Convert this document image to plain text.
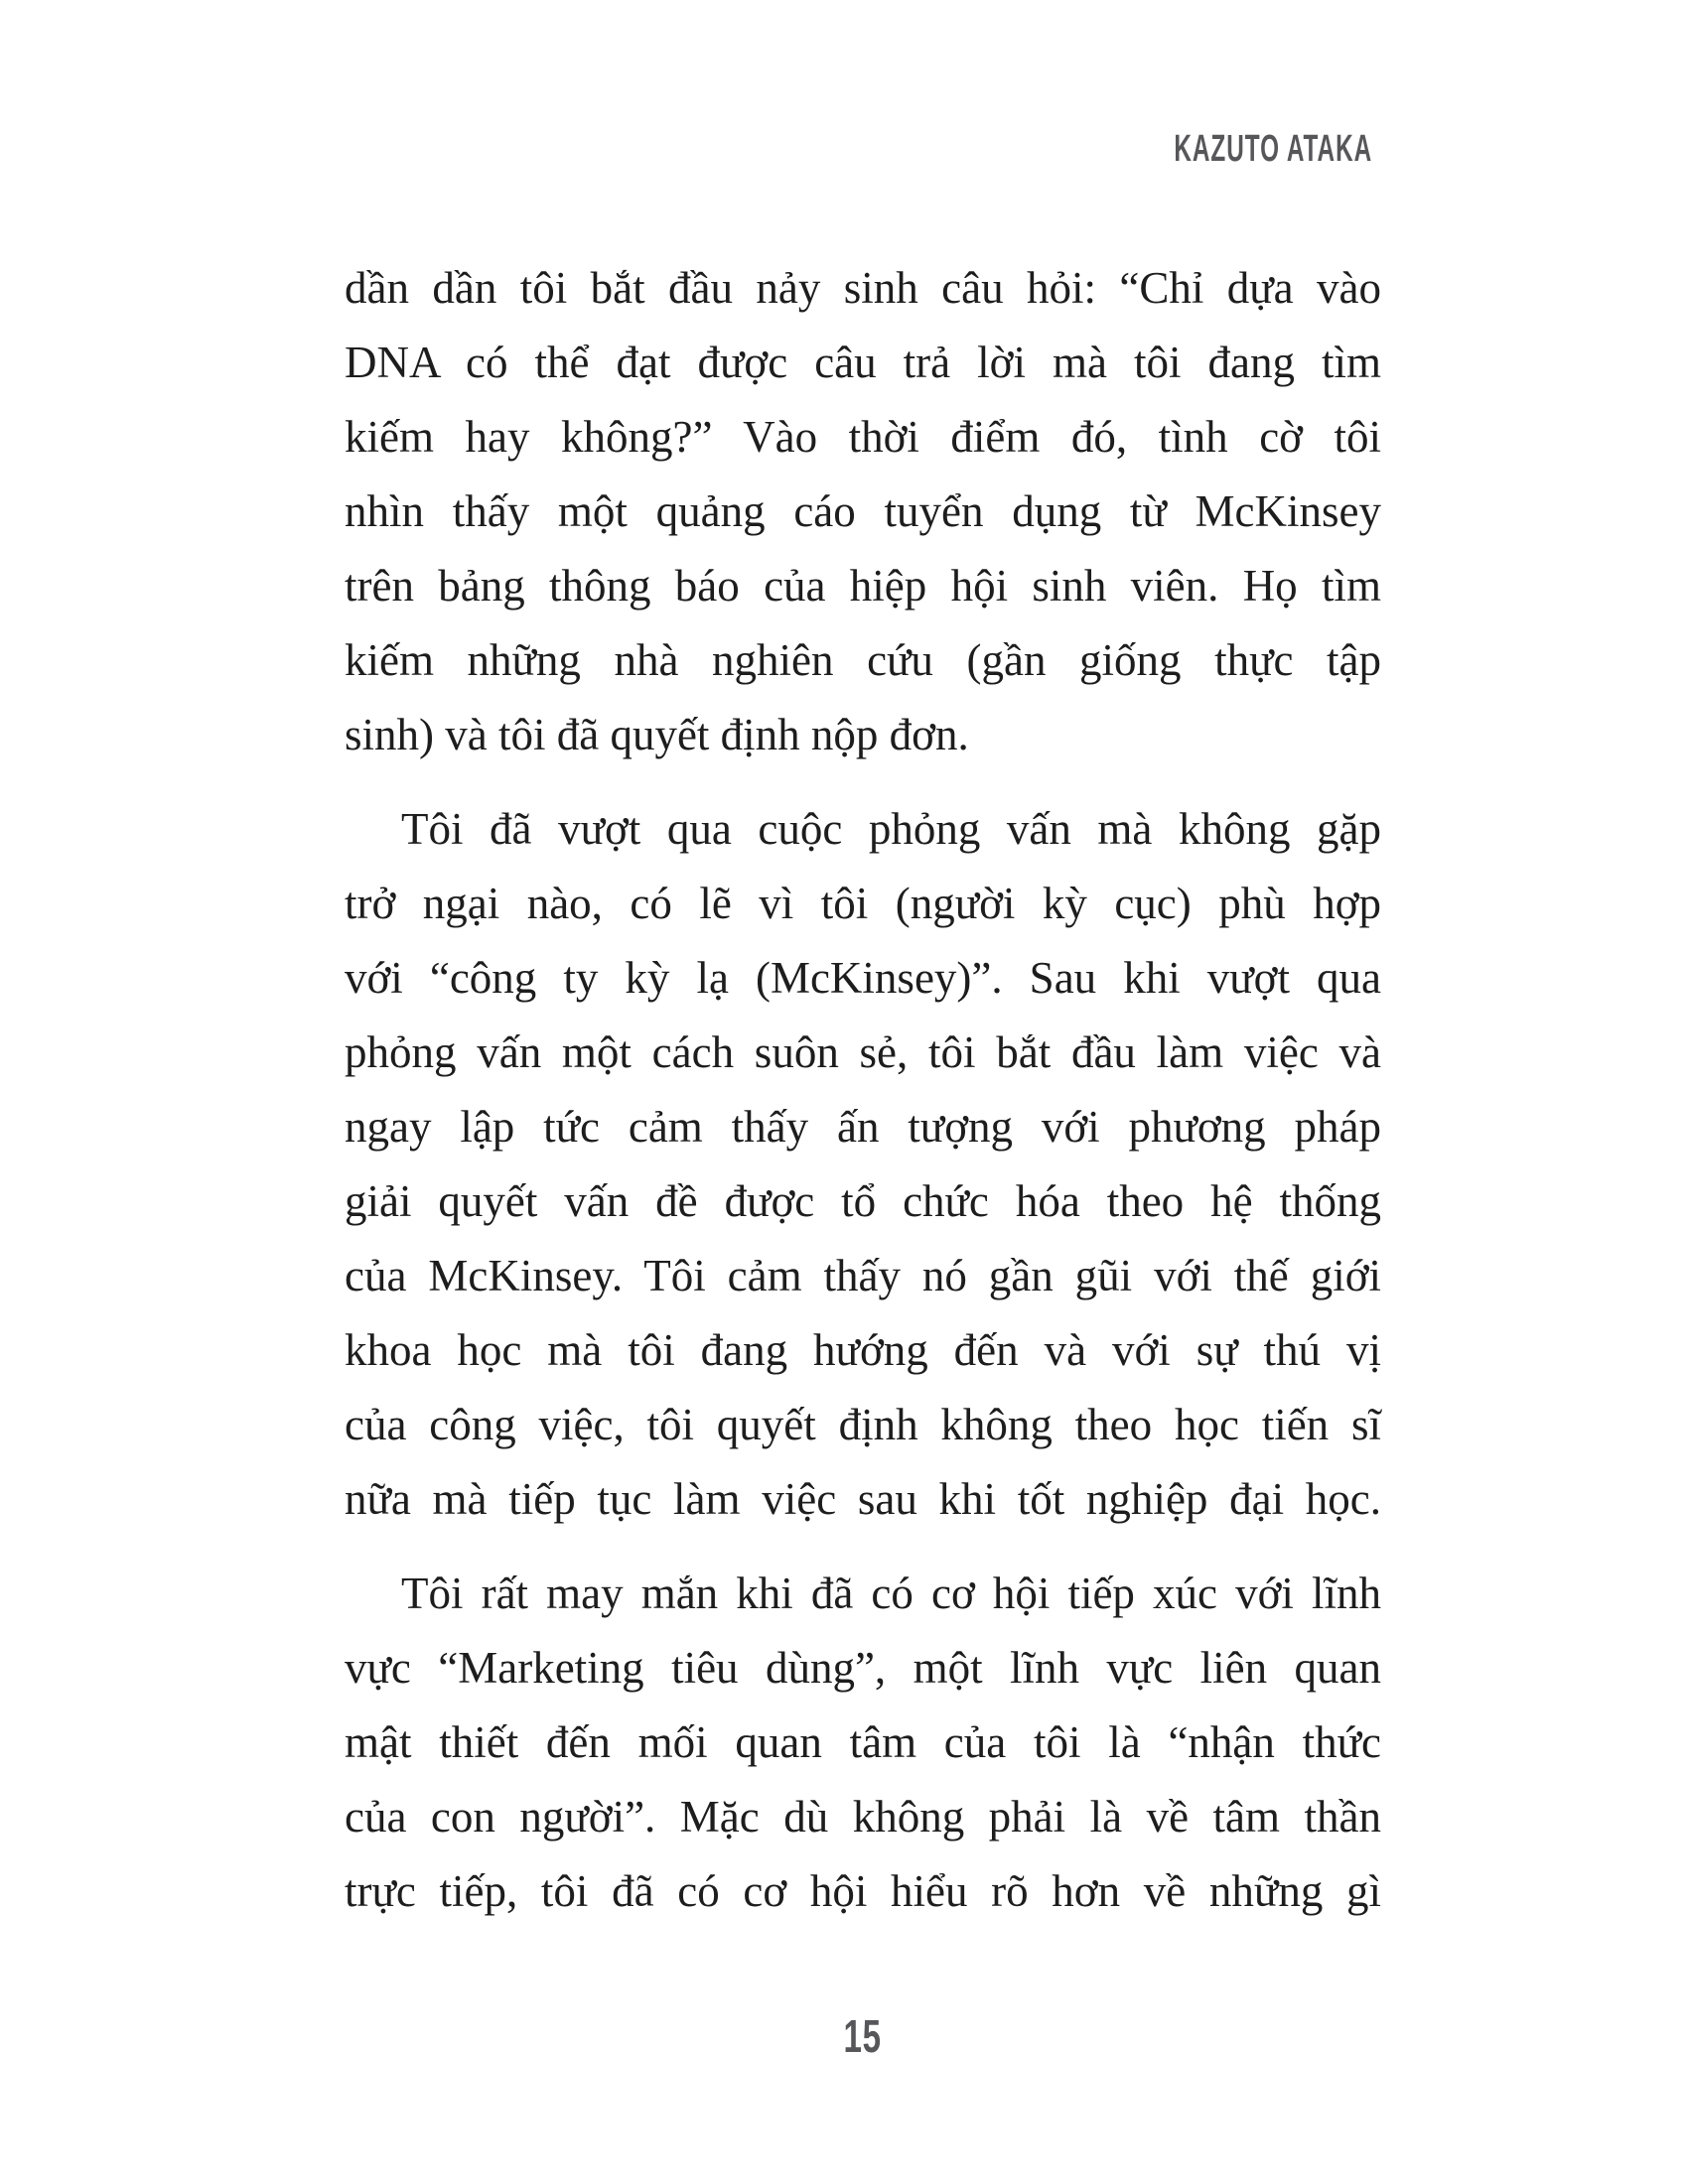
KAZUTO ATAKA
dần dần tôi bắt đầu nảy sinh câu hỏi: “Chỉ dựa vào
DNA có thể đạt được câu trả lời mà tôi đang tìm
kiếm hay không?” Vào thời điểm đó, tình cờ tôi
nhìn thấy một quảng cáo tuyển dụng từ McKinsey
trên bảng thông báo của hiệp hội sinh viên. Họ tìm
kiếm những nhà nghiên cứu (gần giống thực tập
sinh) và tôi đã quyết định nộp đơn.
Tôi đã vượt qua cuộc phỏng vấn mà không gặp
trở ngại nào, có lẽ vì tôi (người kỳ cục) phù hợp
với “công ty kỳ lạ (McKinsey)”. Sau khi vượt qua
phỏng vấn một cách suôn sẻ, tôi bắt đầu làm việc và
ngay lập tức cảm thấy ấn tượng với phương pháp
giải quyết vấn đề được tổ chức hóa theo hệ thống
của McKinsey. Tôi cảm thấy nó gần gũi với thế giới
khoa học mà tôi đang hướng đến và với sự thú vị
của công việc, tôi quyết định không theo học tiến sĩ
nữa mà tiếp tục làm việc sau khi tốt nghiệp đại học.
Tôi rất may mắn khi đã có cơ hội tiếp xúc với lĩnh
vực “Marketing tiêu dùng”, một lĩnh vực liên quan
mật thiết đến mối quan tâm của tôi là “nhận thức
của con người”. Mặc dù không phải là về tâm thần
trực tiếp, tôi đã có cơ hội hiểu rõ hơn về những gì
15
